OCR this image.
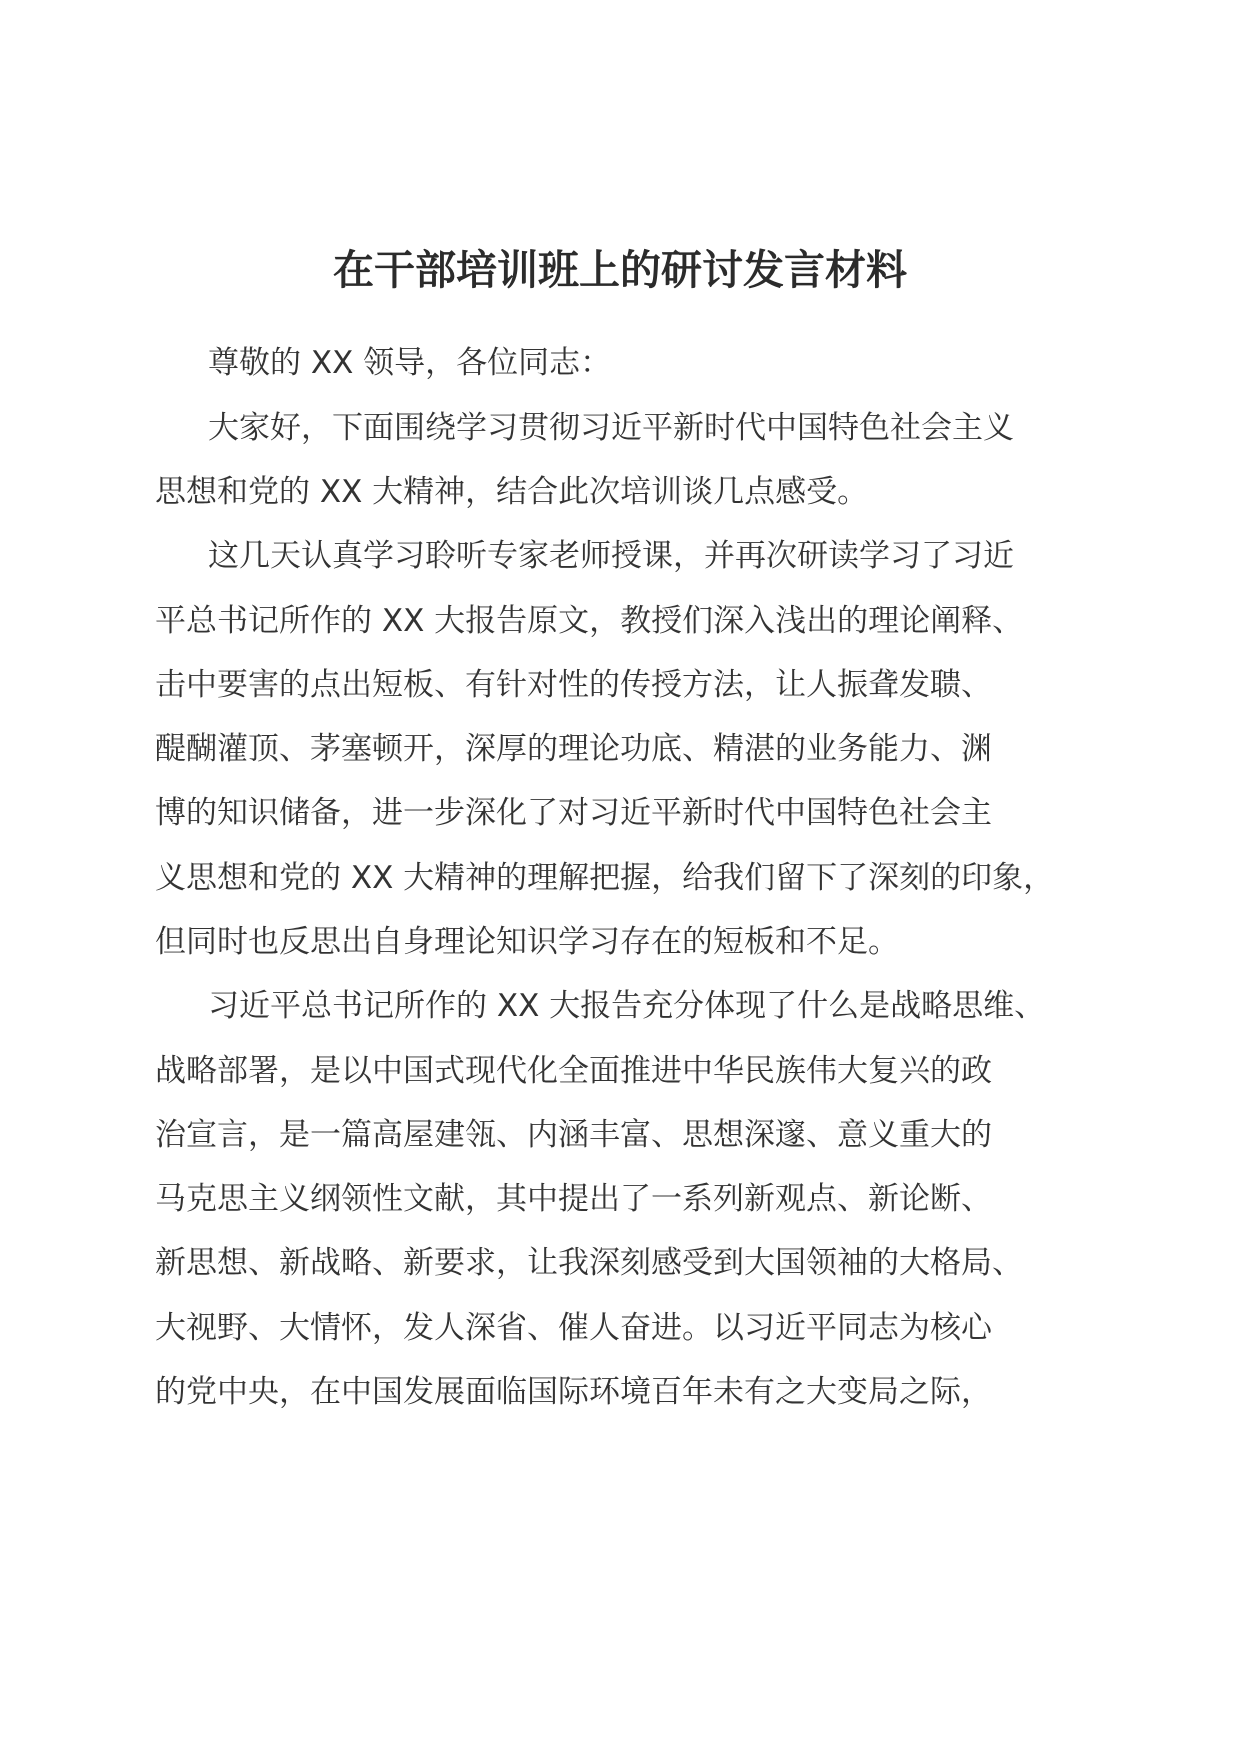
在干部培训班上的研讨发言材料
尊敬的 XX 领导，各位同志：
大家好，下面围绕学习贯彻习近平新时代中国特色社会主义
思想和党的 XX 大精神，结合此次培训谈几点感受。
这几天认真学习聆听专家老师授课，并再次研读学习了习近
平总书记所作的 XX 大报告原文，教授们深入浅出的理论阐释、
击中要害的点出短板、有针对性的传授方法，让人振聋发聩、
醍醐灌顶、茅塞顿开，深厚的理论功底、精湛的业务能力、渊
博的知识储备，进一步深化了对习近平新时代中国特色社会主
义思想和党的 XX 大精神的理解把握，给我们留下了深刻的印象，
但同时也反思出自身理论知识学习存在的短板和不足。
习近平总书记所作的 XX 大报告充分体现了什么是战略思维、
战略部署，是以中国式现代化全面推进中华民族伟大复兴的政
治宣言，是一篇高屋建瓴、内涵丰富、思想深邃、意义重大的
马克思主义纲领性文献，其中提出了一系列新观点、新论断、
新思想、新战略、新要求，让我深刻感受到大国领袖的大格局、
大视野、大情怀，发人深省、催人奋进。以习近平同志为核心
的党中央，在中国发展面临国际环境百年未有之大变局之际，
